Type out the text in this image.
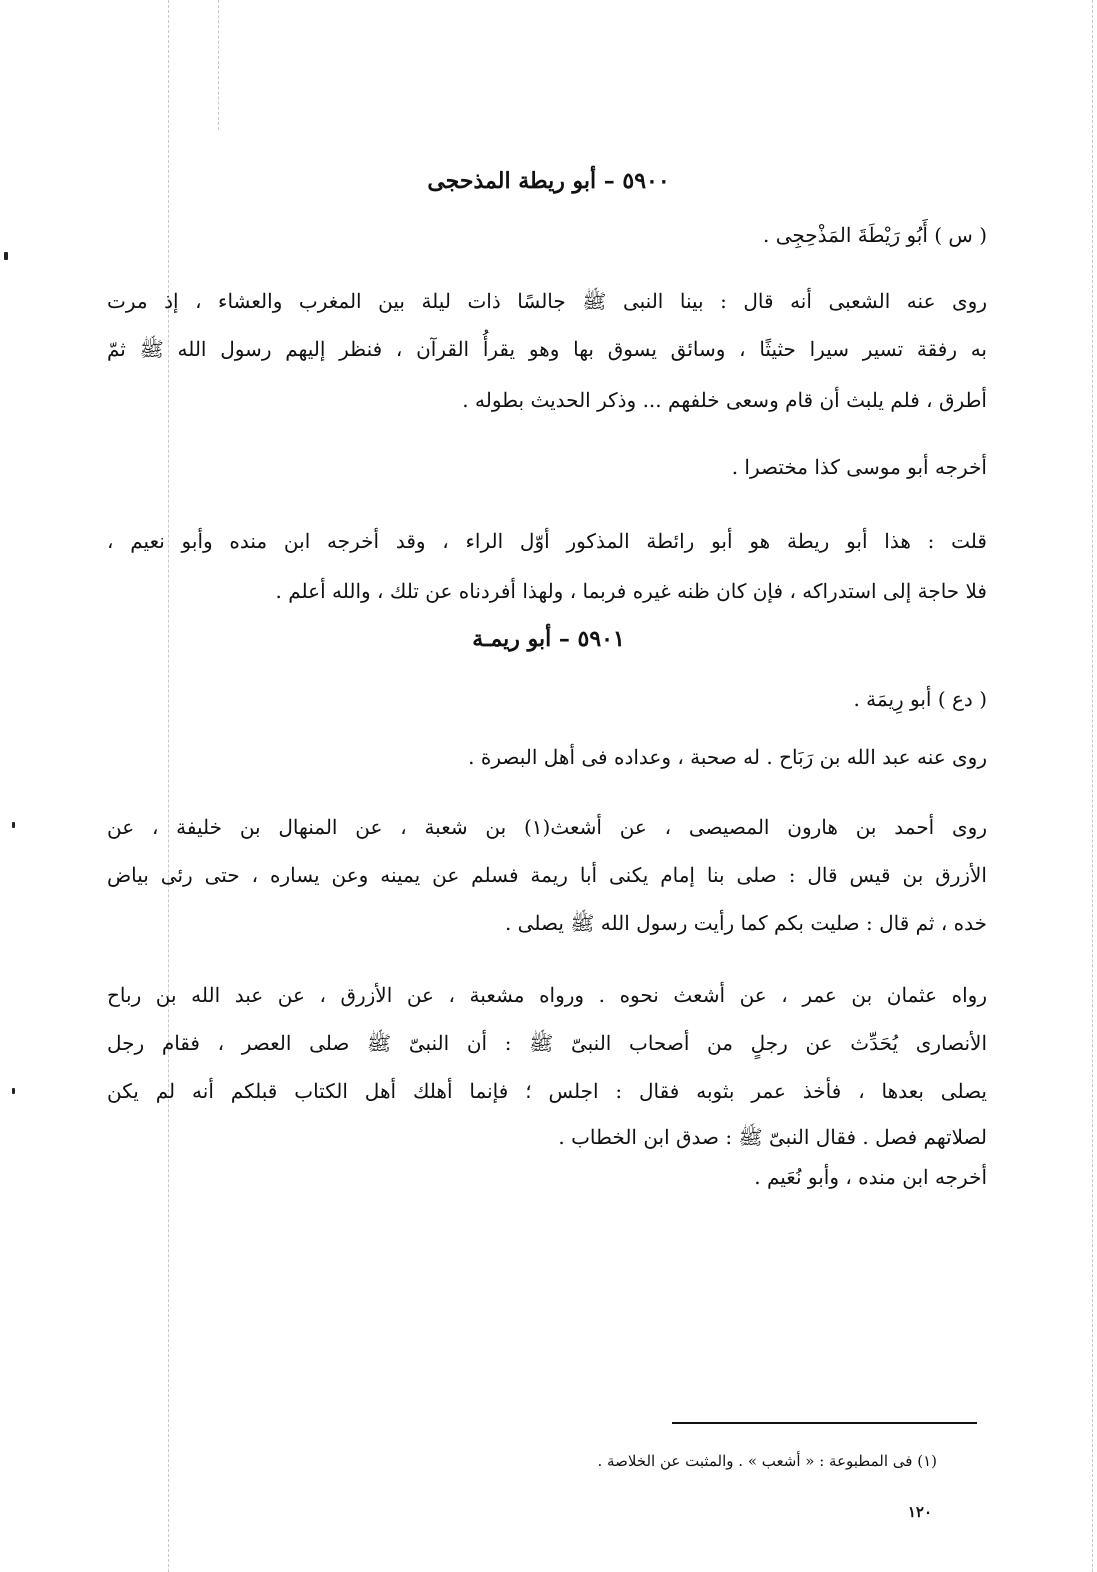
٥٩٠٠ – أبو ريطة المذحجى
( س ) أَبُو رَيْطَةَ المَذْحِجِى .
روى عنه الشعبى أنه قال : بينا النبى ﷺ جالسًا ذات ليلة بين المغرب والعشاء ، إذ مرت
به رفقة تسير سيرا حثيثًا ، وسائق يسوق بها وهو يقرأُ القرآن ، فنظر إليهم رسول الله ﷺ ثمّ
أطرق ، فلم يلبث أن قام وسعى خلفهم ... وذكر الحديث بطوله .
أخرجه أبو موسى كذا مختصرا .
قلت : هذا أبو ريطة هو أبو رائطة المذكور أوّل الراء ، وقد أخرجه ابن منده وأبو نعيم ،
فلا حاجة إلى استدراكه ، فإن كان ظنه غيره فربما ، ولهذا أفردناه عن تلك ، والله أعلم .
٥٩٠١ – أبو ريمـة
( دع ) أبو رِيمَة .
روى عنه عبد الله بن رَبَاح . له صحبة ، وعداده فى أهل البصرة .
روى أحمد بن هارون المصيصى ، عن أشعث(١) بن شعبة ، عن المنهال بن خليفة ، عن
الأزرق بن قيس قال : صلى بنا إمام يكنى أبا ريمة فسلم عن يمينه وعن يساره ، حتى رئى بياض
خده ، ثم قال : صليت بكم كما رأيت رسول الله ﷺ يصلى .
رواه عثمان بن عمر ، عن أشعث نحوه . ورواه مشعبة ، عن الأزرق ، عن عبد الله بن رباح
الأنصارى يُحَدِّث عن رجلٍ من أصحاب النبىّ ﷺ : أن النبىّ ﷺ صلى العصر ، فقام رجل
يصلى بعدها ، فأخذ عمر بثوبه فقال : اجلس ؛ فإنما أهلك أهل الكتاب قبلكم أنه لم يكن
لصلاتهم فصل . فقال النبىّ ﷺ : صدق ابن الخطاب .
أخرجه ابن منده ، وأبو نُعَيم .
(١) فى المطبوعة : « أشعب » . والمثبت عن الخلاصة .
١٢٠
